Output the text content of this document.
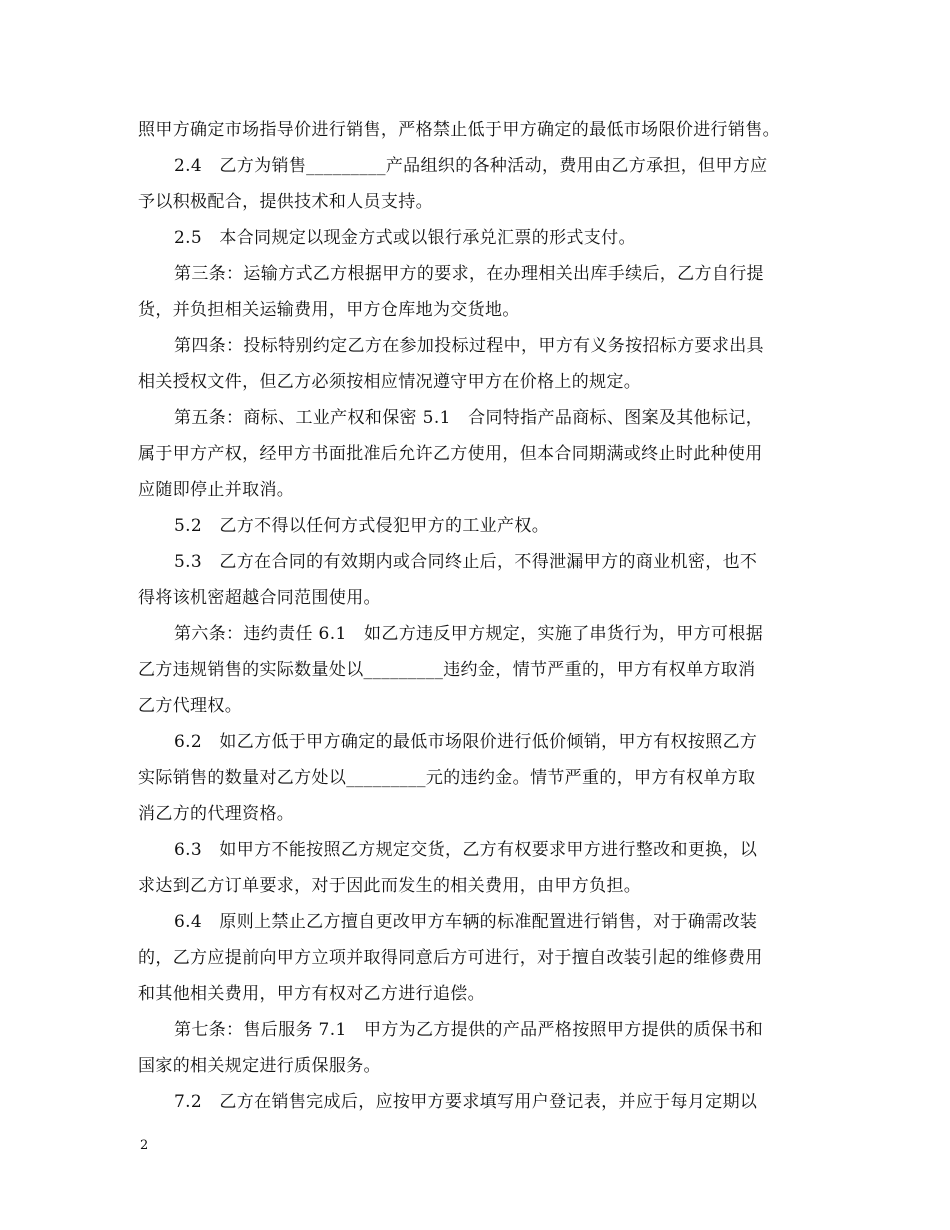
照甲方确定市场指导价进行销售，严格禁止低于甲方确定的最低市场限价进行销售。
2.4　乙方为销售_________产品组织的各种活动，费用由乙方承担，但甲方应
予以积极配合，提供技术和人员支持。
2.5　本合同规定以现金方式或以银行承兑汇票的形式支付。
第三条：运输方式乙方根据甲方的要求，在办理相关出库手续后，乙方自行提
货，并负担相关运输费用，甲方仓库地为交货地。
第四条：投标特别约定乙方在参加投标过程中，甲方有义务按招标方要求出具
相关授权文件，但乙方必须按相应情况遵守甲方在价格上的规定。
第五条：商标、工业产权和保密 5.1　合同特指产品商标、图案及其他标记，
属于甲方产权，经甲方书面批准后允许乙方使用，但本合同期满或终止时此种使用
应随即停止并取消。
5.2　乙方不得以任何方式侵犯甲方的工业产权。
5.3　乙方在合同的有效期内或合同终止后，不得泄漏甲方的商业机密，也不
得将该机密超越合同范围使用。
第六条：违约责任 6.1　如乙方违反甲方规定，实施了串货行为，甲方可根据
乙方违规销售的实际数量处以_________违约金，情节严重的，甲方有权单方取消
乙方代理权。
6.2　如乙方低于甲方确定的最低市场限价进行低价倾销，甲方有权按照乙方
实际销售的数量对乙方处以_________元的违约金。情节严重的，甲方有权单方取
消乙方的代理资格。
6.3　如甲方不能按照乙方规定交货，乙方有权要求甲方进行整改和更换，以
求达到乙方订单要求，对于因此而发生的相关费用，由甲方负担。
6.4　原则上禁止乙方擅自更改甲方车辆的标准配置进行销售，对于确需改装
的，乙方应提前向甲方立项并取得同意后方可进行，对于擅自改装引起的维修费用
和其他相关费用，甲方有权对乙方进行追偿。
第七条：售后服务 7.1　甲方为乙方提供的产品严格按照甲方提供的质保书和
国家的相关规定进行质保服务。
7.2　乙方在销售完成后，应按甲方要求填写用户登记表，并应于每月定期以
2
